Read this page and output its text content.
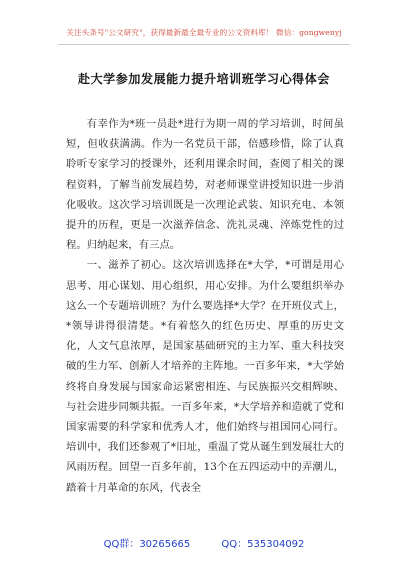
关注头条号"公文研究"，获得最新最全最专业的公文资料库！ 微信：gongwenyj
赴大学参加发展能力提升培训班学习心得体会

有幸作为*班一员赴*进行为期一周的学习培训，时间虽短，但收获满满。作为一名党员干部，倍感珍惜，除了认真聆听专家学习的授课外，还利用课余时间，查阅了相关的课程资料，了解当前发展趋势，对老师课堂讲授知识进一步消化吸收。这次学习培训既是一次理论武装、知识充电、本领提升的历程，更是一次滋养信念、洗礼灵魂、淬炼党性的过程。归纳起来，有三点。

一、滋养了初心。这次培训选择在*大学，*可谓是用心思考、用心谋划、用心组织，用心安排。为什么要组织举办这么一个专题培训班？为什么要选择*大学？在开班仪式上，*领导讲得很清楚。*有着悠久的红色历史、厚重的历史文化，人文气息浓厚，是国家基础研究的主力军、重大科技突破的生力军、创新人才培养的主阵地。一百多年来，*大学始终将自身发展与国家命运紧密相连、与民族振兴交相辉映、与社会进步同频共振。一百多年来，*大学培养和造就了党和国家需要的科学家和优秀人才，他们始终与祖国同心同行。培训中，我们还参观了*旧址，重温了党从诞生到发展壮大的风雨历程。回望一百多年前，13个在五四运动中的弄潮儿，踏着十月革命的东风，代表全

QQ群：30265665	QQ：535304092
